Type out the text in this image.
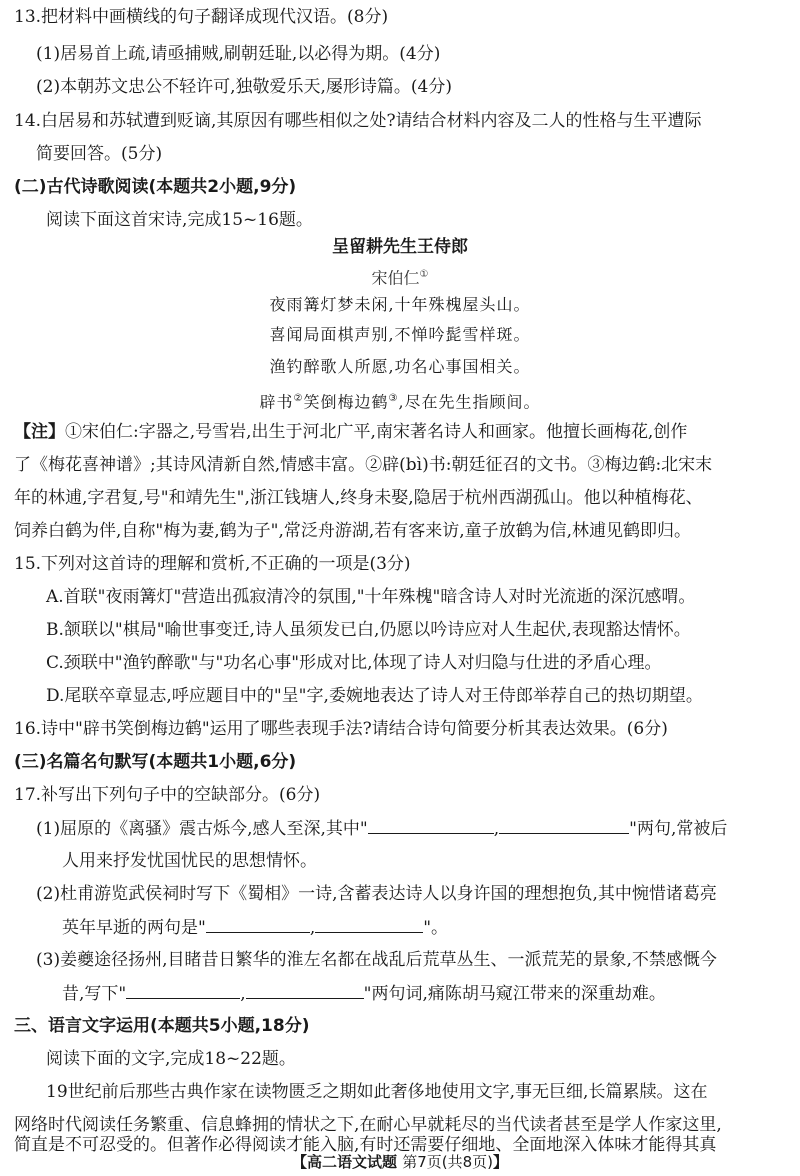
13.把材料中画横线的句子翻译成现代汉语。(8分)
(1)居易首上疏,请亟捕贼,刷朝廷耻,以必得为期。(4分)
(2)本朝苏文忠公不轻许可,独敬爱乐天,屡形诗篇。(4分)
14.白居易和苏轼遭到贬谪,其原因有哪些相似之处?请结合材料内容及二人的性格与生平遭际
简要回答。(5分)
(二)古代诗歌阅读(本题共2小题,9分)
阅读下面这首宋诗,完成15~16题。
呈留耕先生王侍郎
宋伯仁①
夜雨篝灯梦未闲,十年殊槐屋头山。
喜闻局面棋声别,不惮吟髭雪样斑。
渔钓醉歌人所愿,功名心事国相关。
辟书②笑倒梅边鹤③,尽在先生指顾间。
【注】①宋伯仁:字器之,号雪岩,出生于河北广平,南宋著名诗人和画家。他擅长画梅花,创作
了《梅花喜神谱》;其诗风清新自然,情感丰富。②辟(bì)书:朝廷征召的文书。③梅边鹤:北宋末
年的林逋,字君复,号"和靖先生",浙江钱塘人,终身未娶,隐居于杭州西湖孤山。他以种植梅花、
饲养白鹤为伴,自称"梅为妻,鹤为子",常泛舟游湖,若有客来访,童子放鹤为信,林逋见鹤即归。
15.下列对这首诗的理解和赏析,不正确的一项是(3分)
A.首联"夜雨篝灯"营造出孤寂清冷的氛围,"十年殊槐"暗含诗人对时光流逝的深沉感喟。
B.颔联以"棋局"喻世事变迁,诗人虽须发已白,仍愿以吟诗应对人生起伏,表现豁达情怀。
C.颈联中"渔钓醉歌"与"功名心事"形成对比,体现了诗人对归隐与仕进的矛盾心理。
D.尾联卒章显志,呼应题目中的"呈"字,委婉地表达了诗人对王侍郎举荐自己的热切期望。
16.诗中"辟书笑倒梅边鹤"运用了哪些表现手法?请结合诗句简要分析其表达效果。(6分)
(三)名篇名句默写(本题共1小题,6分)
17.补写出下列句子中的空缺部分。(6分)
(1)屈原的《离骚》震古烁今,感人至深,其中"	,	"两句,常被后
人用来抒发忧国忧民的思想情怀。
(2)杜甫游览武侯祠时写下《蜀相》一诗,含蓄表达诗人以身许国的理想抱负,其中惋惜诸葛亮
英年早逝的两句是"	,	"。
(3)姜夔途径扬州,目睹昔日繁华的淮左名都在战乱后荒草丛生、一派荒芜的景象,不禁感慨今
昔,写下"	,	"两句词,痛陈胡马窥江带来的深重劫难。
三、语言文字运用(本题共5小题,18分)
阅读下面的文字,完成18~22题。
19世纪前后那些古典作家在读物匮乏之期如此奢侈地使用文字,事无巨细,长篇累牍。这在
网络时代阅读任务繁重、信息蜂拥的情状之下,在耐心早就耗尽的当代读者甚至是学人作家这里,
简直是不可忍受的。但著作必得阅读才能入脑,有时还需要仔细地、全面地深入体味才能得其真
【高二语文试题 第7页(共8页)】
